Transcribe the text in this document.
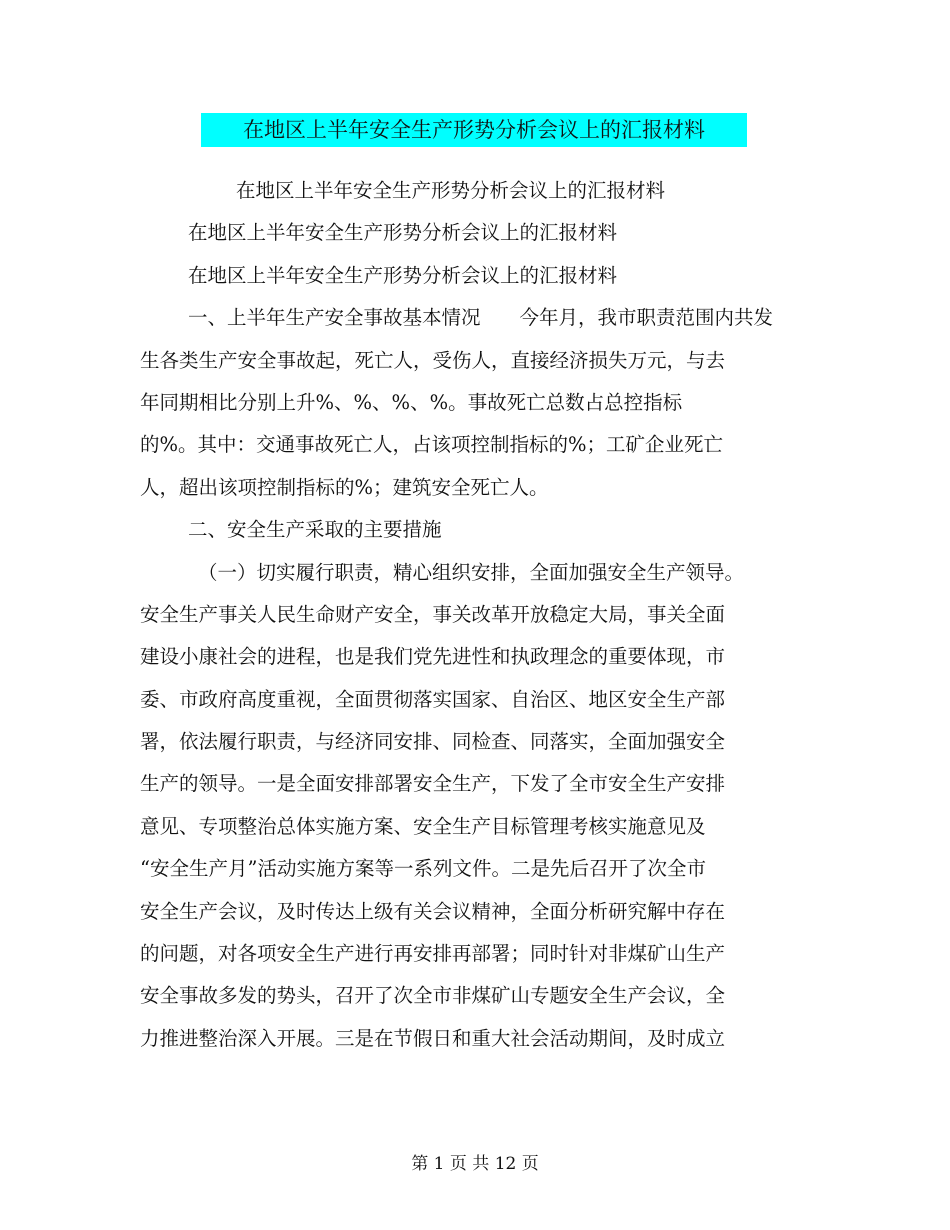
在地区上半年安全生产形势分析会议上的汇报材料

在地区上半年安全生产形势分析会议上的汇报材料

在地区上半年安全生产形势分析会议上的汇报材料

在地区上半年安全生产形势分析会议上的汇报材料

一、上半年生产安全事故基本情况　　今年月，我市职责范围内共发

生各类生产安全事故起，死亡人，受伤人，直接经济损失万元，与去

年同期相比分别上升%、%、%、%。事故死亡总数占总控指标

的%。其中：交通事故死亡人，占该项控制指标的%；工矿企业死亡

人，超出该项控制指标的%；建筑安全死亡人。

二、安全生产采取的主要措施

（一）切实履行职责，精心组织安排，全面加强安全生产领导。

安全生产事关人民生命财产安全，事关改革开放稳定大局，事关全面

建设小康社会的进程，也是我们党先进性和执政理念的重要体现，市

委、市政府高度重视，全面贯彻落实国家、自治区、地区安全生产部

署，依法履行职责，与经济同安排、同检查、同落实，全面加强安全

生产的领导。一是全面安排部署安全生产，下发了全市安全生产安排

意见、专项整治总体实施方案、安全生产目标管理考核实施意见及

“安全生产月”活动实施方案等一系列文件。二是先后召开了次全市

安全生产会议，及时传达上级有关会议精神，全面分析研究解中存在

的问题，对各项安全生产进行再安排再部署；同时针对非煤矿山生产

安全事故多发的势头，召开了次全市非煤矿山专题安全生产会议，全

力推进整治深入开展。三是在节假日和重大社会活动期间，及时成立

第 1 页 共 12 页
